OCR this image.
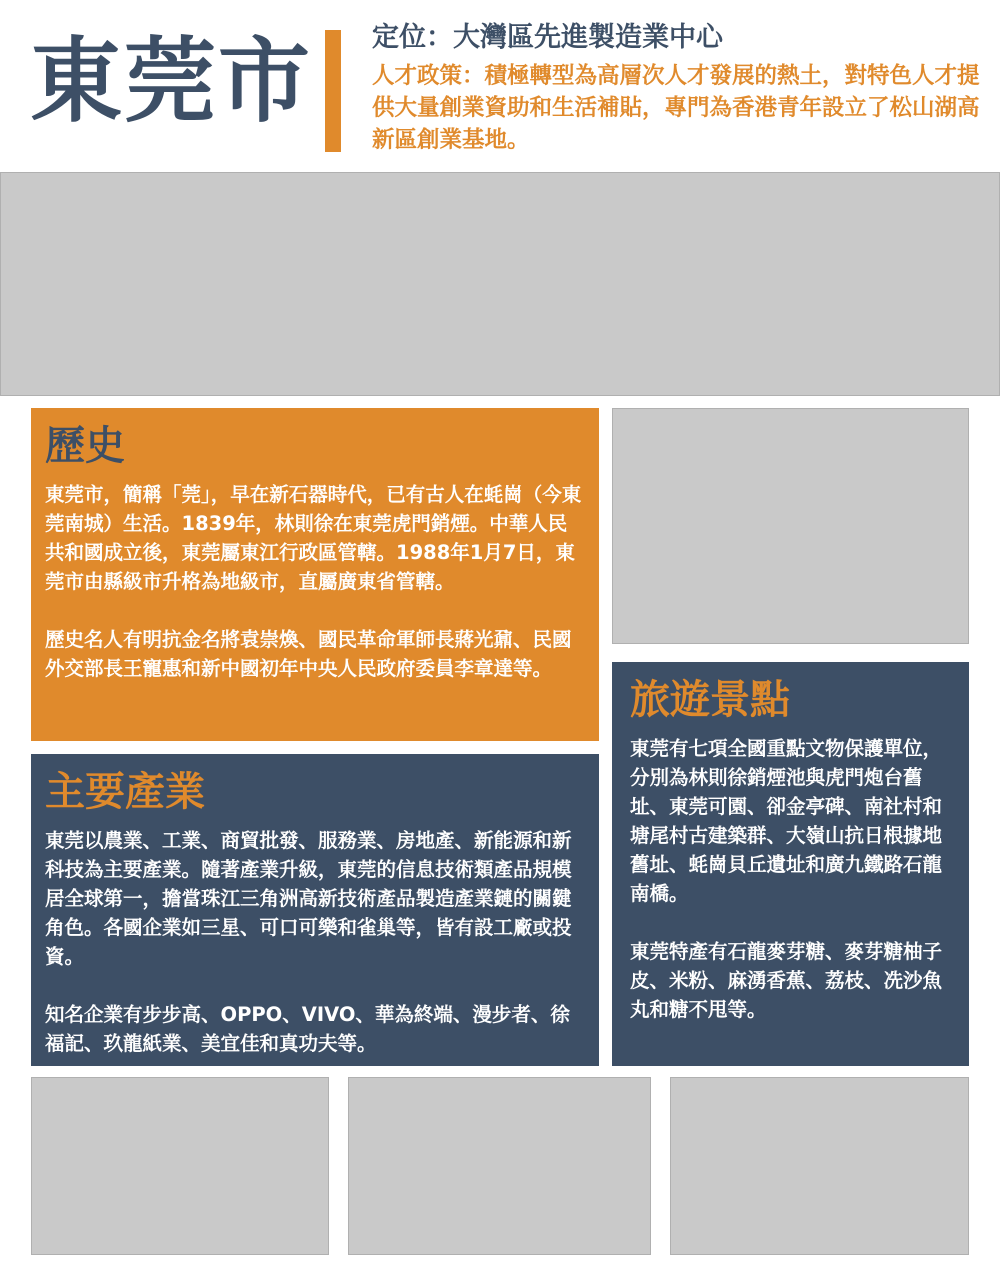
東莞市 定位：大灣區先進製造業中心
人才政策：積極轉型為高層次人才發展的熱土，對特色人才提供大量創業資助和生活補貼，專門為香港青年設立了松山湖高新區創業基地。
歷史

東莞市，簡稱「莞」，早在新石器時代，已有古人在蚝崗（今東莞南城）生活。1839年，林則徐在東莞虎門銷煙。中華人民共和國成立後，東莞屬東江行政區管轄。1988年1月7日，東莞市由縣級市升格為地級市，直屬廣東省管轄。

歷史名人有明抗金名將袁崇煥、國民革命軍師長蔣光鼐、民國外交部長王寵惠和新中國初年中央人民政府委員李章達等。

主要產業

東莞以農業、工業、商貿批發、服務業、房地產、新能源和新科技為主要產業。隨著產業升級，東莞的信息技術類產品規模居全球第一，擔當珠江三角洲高新技術產品製造產業鏈的關鍵角色。各國企業如三星、可口可樂和雀巢等，皆有設工廠或投資。

知名企業有步步高、OPPO、VIVO、華為終端、漫步者、徐福記、玖龍紙業、美宜佳和真功夫等。

旅遊景點

東莞有七項全國重點文物保護單位，分別為林則徐銷煙池與虎門炮台舊址、東莞可園、卻金亭碑、南社村和塘尾村古建築群、大嶺山抗日根據地舊址、蚝崗貝丘遺址和廣九鐵路石龍南橋。

東莞特產有石龍麥芽糖、麥芽糖柚子皮、米粉、麻湧香蕉、荔枝、冼沙魚丸和糖不甩等。
